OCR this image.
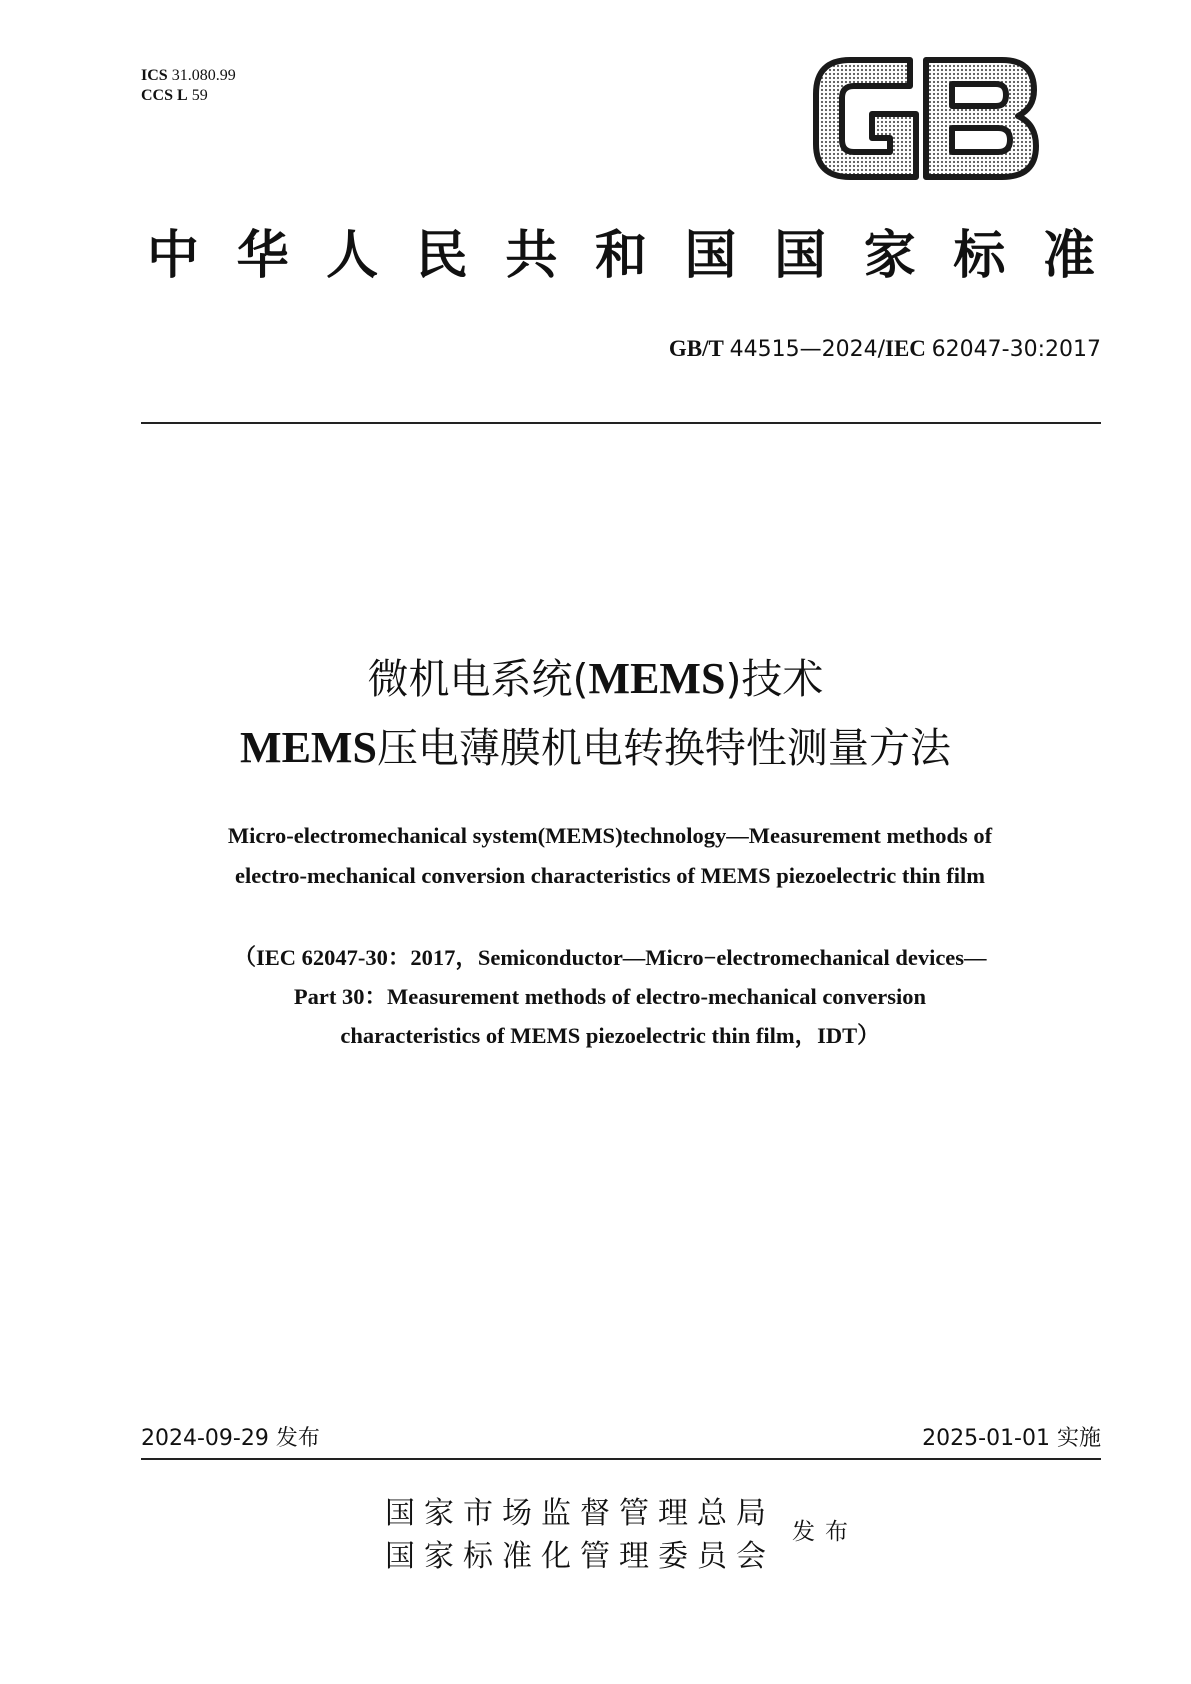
ICS 31.080.99
CCS L 59
GB
中 华 人 民 共 和 国 国 家 标 准
GB/T 44515—2024/IEC 62047-30:2017
微机电系统(MEMS)技术
MEMS压电薄膜机电转换特性测量方法
Micro-electromechanical system(MEMS)technology—Measurement methods of
electro-mechanical conversion characteristics of MEMS piezoelectric thin film
（IEC 62047-30：2017，Semiconductor—Micro−electromechanical devices—
Part 30：Measurement methods of electro-mechanical conversion
characteristics of MEMS piezoelectric thin film，IDT）
2024-09-29 发布	2025-01-01 实施
国家市场监督管理总局
国家标准化管理委员会
发布
